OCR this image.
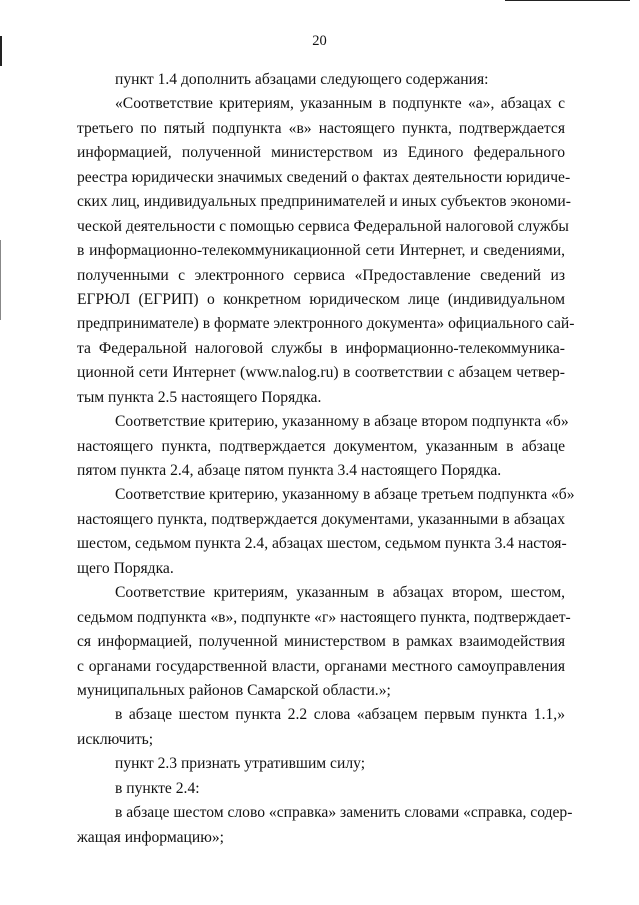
20
пункт 1.4 дополнить абзацами следующего содержания:
«Соответствие критериям, указанным в подпункте «а», абзацах с
третьего по пятый подпункта «в» настоящего пункта, подтверждается
информацией, полученной министерством из Единого федерального
реестра юридически значимых сведений о фактах деятельности юридиче-
ских лиц, индивидуальных предпринимателей и иных субъектов экономи-
ческой деятельности с помощью сервиса Федеральной налоговой службы
в информационно-телекоммуникационной сети Интернет, и сведениями,
полученными с электронного сервиса «Предоставление сведений из
ЕГРЮЛ (ЕГРИП) о конкретном юридическом лице (индивидуальном
предпринимателе) в формате электронного документа» официального сай-
та Федеральной налоговой службы в информационно-телекоммуника-
ционной сети Интернет (www.nalog.ru) в соответствии с абзацем четвер-
тым пункта 2.5 настоящего Порядка.
Соответствие критерию, указанному в абзаце втором подпункта «б»
настоящего пункта, подтверждается документом, указанным в абзаце
пятом пункта 2.4, абзаце пятом пункта 3.4 настоящего Порядка.
Соответствие критерию, указанному в абзаце третьем подпункта «б»
настоящего пункта, подтверждается документами, указанными в абзацах
шестом, седьмом пункта 2.4, абзацах шестом, седьмом пункта 3.4 настоя-
щего Порядка.
Соответствие критериям, указанным в абзацах втором, шестом,
седьмом подпункта «в», подпункте «г» настоящего пункта, подтверждает-
ся информацией, полученной министерством в рамках взаимодействия
с органами государственной власти, органами местного самоуправления
муниципальных районов Самарской области.»;
в абзаце шестом пункта 2.2 слова «абзацем первым пункта 1.1,»
исключить;
пункт 2.3 признать утратившим силу;
в пункте 2.4:
в абзаце шестом слово «справка» заменить словами «справка, содер-
жащая информацию»;
